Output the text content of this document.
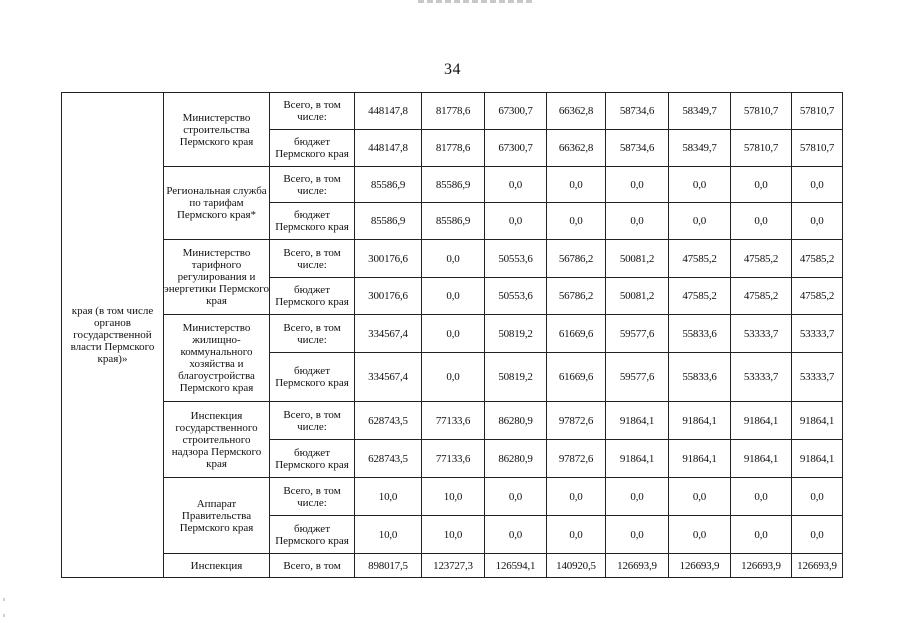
34
края (в том числе органов государственной власти Пермского края)»	Министерство строительства Пермского края	Всего, в том числе:	448147,8	81778,6	67300,7	66362,8	58734,6	58349,7	57810,7	57810,7
		бюджет Пермского края	448147,8	81778,6	67300,7	66362,8	58734,6	58349,7	57810,7	57810,7
	Региональная служба по тарифам Пермского края*	Всего, в том числе:	85586,9	85586,9	0,0	0,0	0,0	0,0	0,0	0,0
		бюджет Пермского края	85586,9	85586,9	0,0	0,0	0,0	0,0	0,0	0,0
	Министерство тарифного регулирования и энергетики Пермского края	Всего, в том числе:	300176,6	0,0	50553,6	56786,2	50081,2	47585,2	47585,2	47585,2
		бюджет Пермского края	300176,6	0,0	50553,6	56786,2	50081,2	47585,2	47585,2	47585,2
	Министерство жилищно-коммунального хозяйства и благоустройства Пермского края	Всего, в том числе:	334567,4	0,0	50819,2	61669,6	59577,6	55833,6	53333,7	53333,7
		бюджет Пермского края	334567,4	0,0	50819,2	61669,6	59577,6	55833,6	53333,7	53333,7
	Инспекция государственного строительного надзора Пермского края	Всего, в том числе:	628743,5	77133,6	86280,9	97872,6	91864,1	91864,1	91864,1	91864,1
		бюджет Пермского края	628743,5	77133,6	86280,9	97872,6	91864,1	91864,1	91864,1	91864,1
	Аппарат Правительства Пермского края	Всего, в том числе:	10,0	10,0	0,0	0,0	0,0	0,0	0,0	0,0
		бюджет Пермского края	10,0	10,0	0,0	0,0	0,0	0,0	0,0	0,0
	Инспекция	Всего, в том	898017,5	123727,3	126594,1	140920,5	126693,9	126693,9	126693,9	126693,9
